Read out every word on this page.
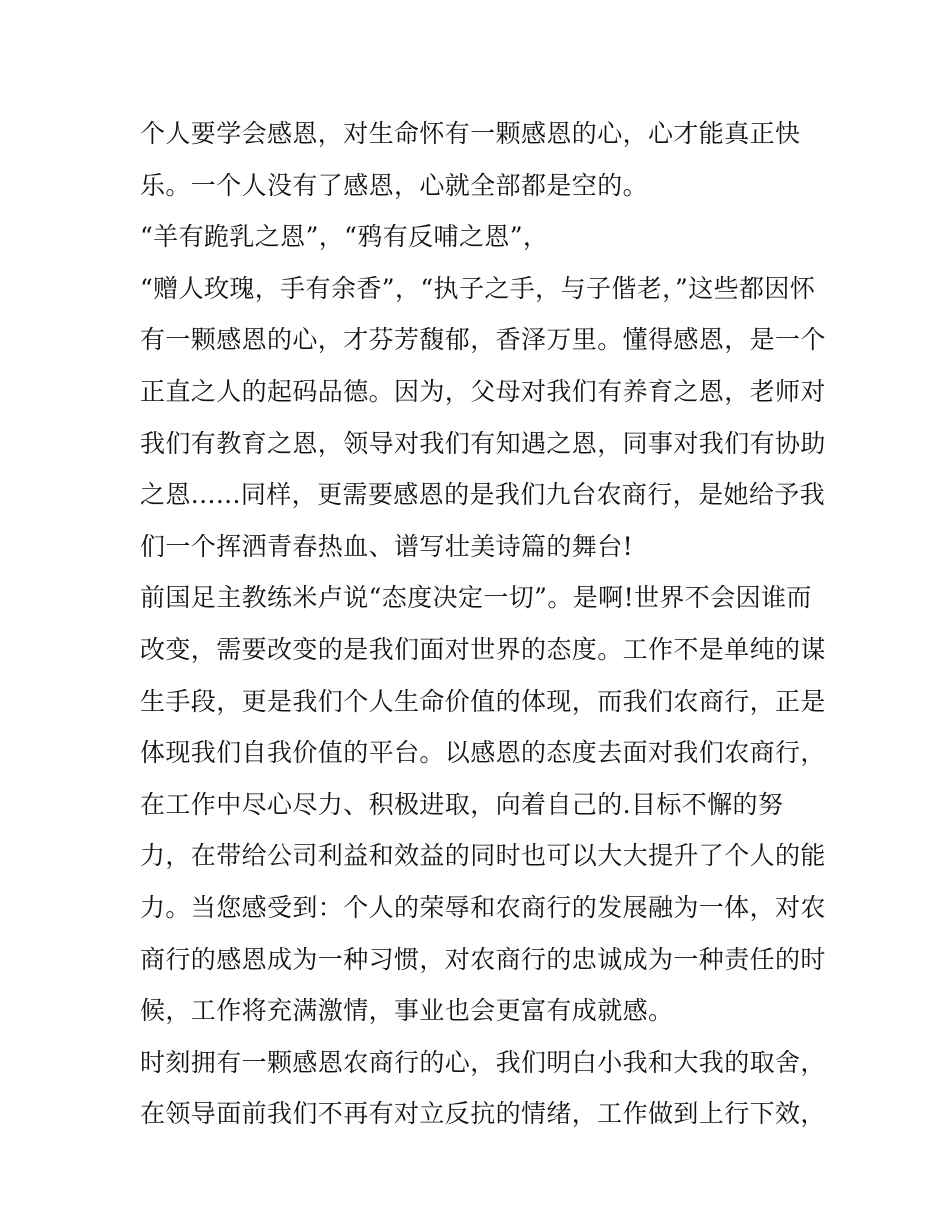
个人要学会感恩，对生命怀有一颗感恩的心，心才能真正快
乐。一个人没有了感恩，心就全部都是空的。
“羊有跪乳之恩”，“鸦有反哺之恩”，
“赠人玫瑰，手有余香”，“执子之手，与子偕老，”这些都因怀
有一颗感恩的心，才芬芳馥郁，香泽万里。懂得感恩，是一个
正直之人的起码品德。因为，父母对我们有养育之恩，老师对
我们有教育之恩，领导对我们有知遇之恩，同事对我们有协助
之恩......同样，更需要感恩的是我们九台农商行，是她给予我
们一个挥洒青春热血、谱写壮美诗篇的舞台!
前国足主教练米卢说“态度决定一切”。是啊!世界不会因谁而
改变，需要改变的是我们面对世界的态度。工作不是单纯的谋
生手段，更是我们个人生命价值的体现，而我们农商行，正是
体现我们自我价值的平台。以感恩的态度去面对我们农商行，
在工作中尽心尽力、积极进取，向着自己的.目标不懈的努
力，在带给公司利益和效益的同时也可以大大提升了个人的能
力。当您感受到：个人的荣辱和农商行的发展融为一体，对农
商行的感恩成为一种习惯，对农商行的忠诚成为一种责任的时
候，工作将充满激情，事业也会更富有成就感。
时刻拥有一颗感恩农商行的心，我们明白小我和大我的取舍，
在领导面前我们不再有对立反抗的情绪，工作做到上行下效，
